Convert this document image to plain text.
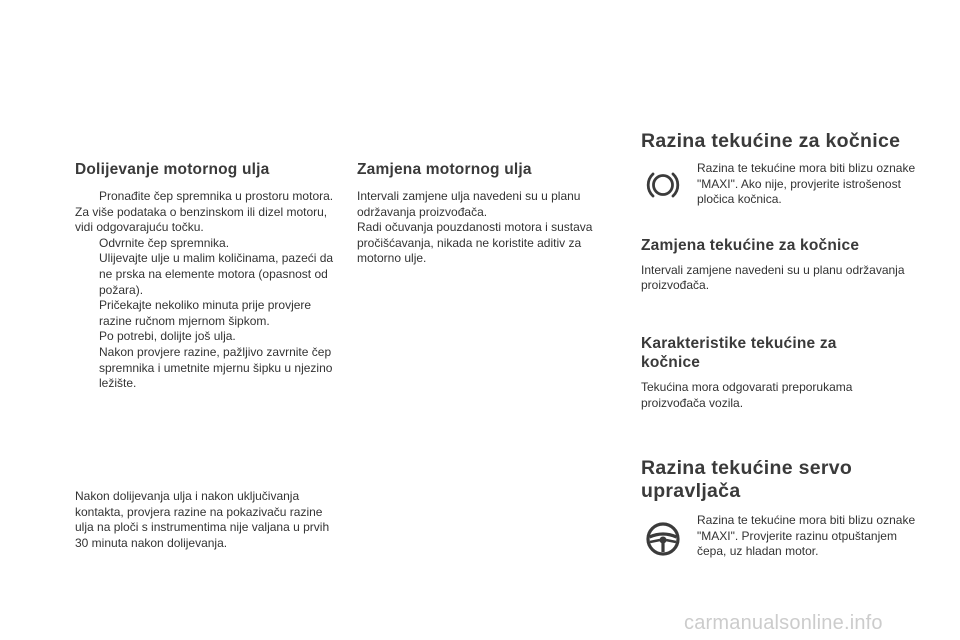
Dolijevanje motornog ulja
Pronađite čep spremnika u prostoru motora.

Za više podataka o benzinskom ili dizel motoru, vidi odgovarajuću točku.

Odvrnite čep spremnika.
Ulijevajte ulje u malim količinama, pazeći da ne prska na elemente motora (opasnost od požara).
Pričekajte nekoliko minuta prije provjere razine ručnom mjernom šipkom.
Po potrebi, dolijte još ulja.
Nakon provjere razine, pažljivo zavrnite čep spremnika i umetnite mjernu šipku u njezino ležište.

Nakon dolijevanja ulja i nakon uključivanja kontakta, provjera razine na pokazivaču razine ulja na ploči s instrumentima nije valjana u prvih 30 minuta nakon dolijevanja.

Zamjena motornog ulja

Intervali zamjene ulja navedeni su u planu održavanja proizvođača.

Radi očuvanja pouzdanosti motora i sustava pročišćavanja, nikada ne koristite aditiv za motorno ulje.

Razina tekućine za kočnice

Razina te tekućine mora biti blizu oznake "MAXI". Ako nije, provjerite istrošenost pločica kočnica.

Zamjena tekućine za kočnice

Intervali zamjene navedeni su u planu održavanja proizvođača.

Karakteristike tekućine za kočnice

Tekućina mora odgovarati preporukama proizvođača vozila.

Razina tekućine servo upravljača

Razina te tekućine mora biti blizu oznake "MAXI". Provjerite razinu otpuštanjem čepa, uz hladan motor.

carmanualsonline.info
